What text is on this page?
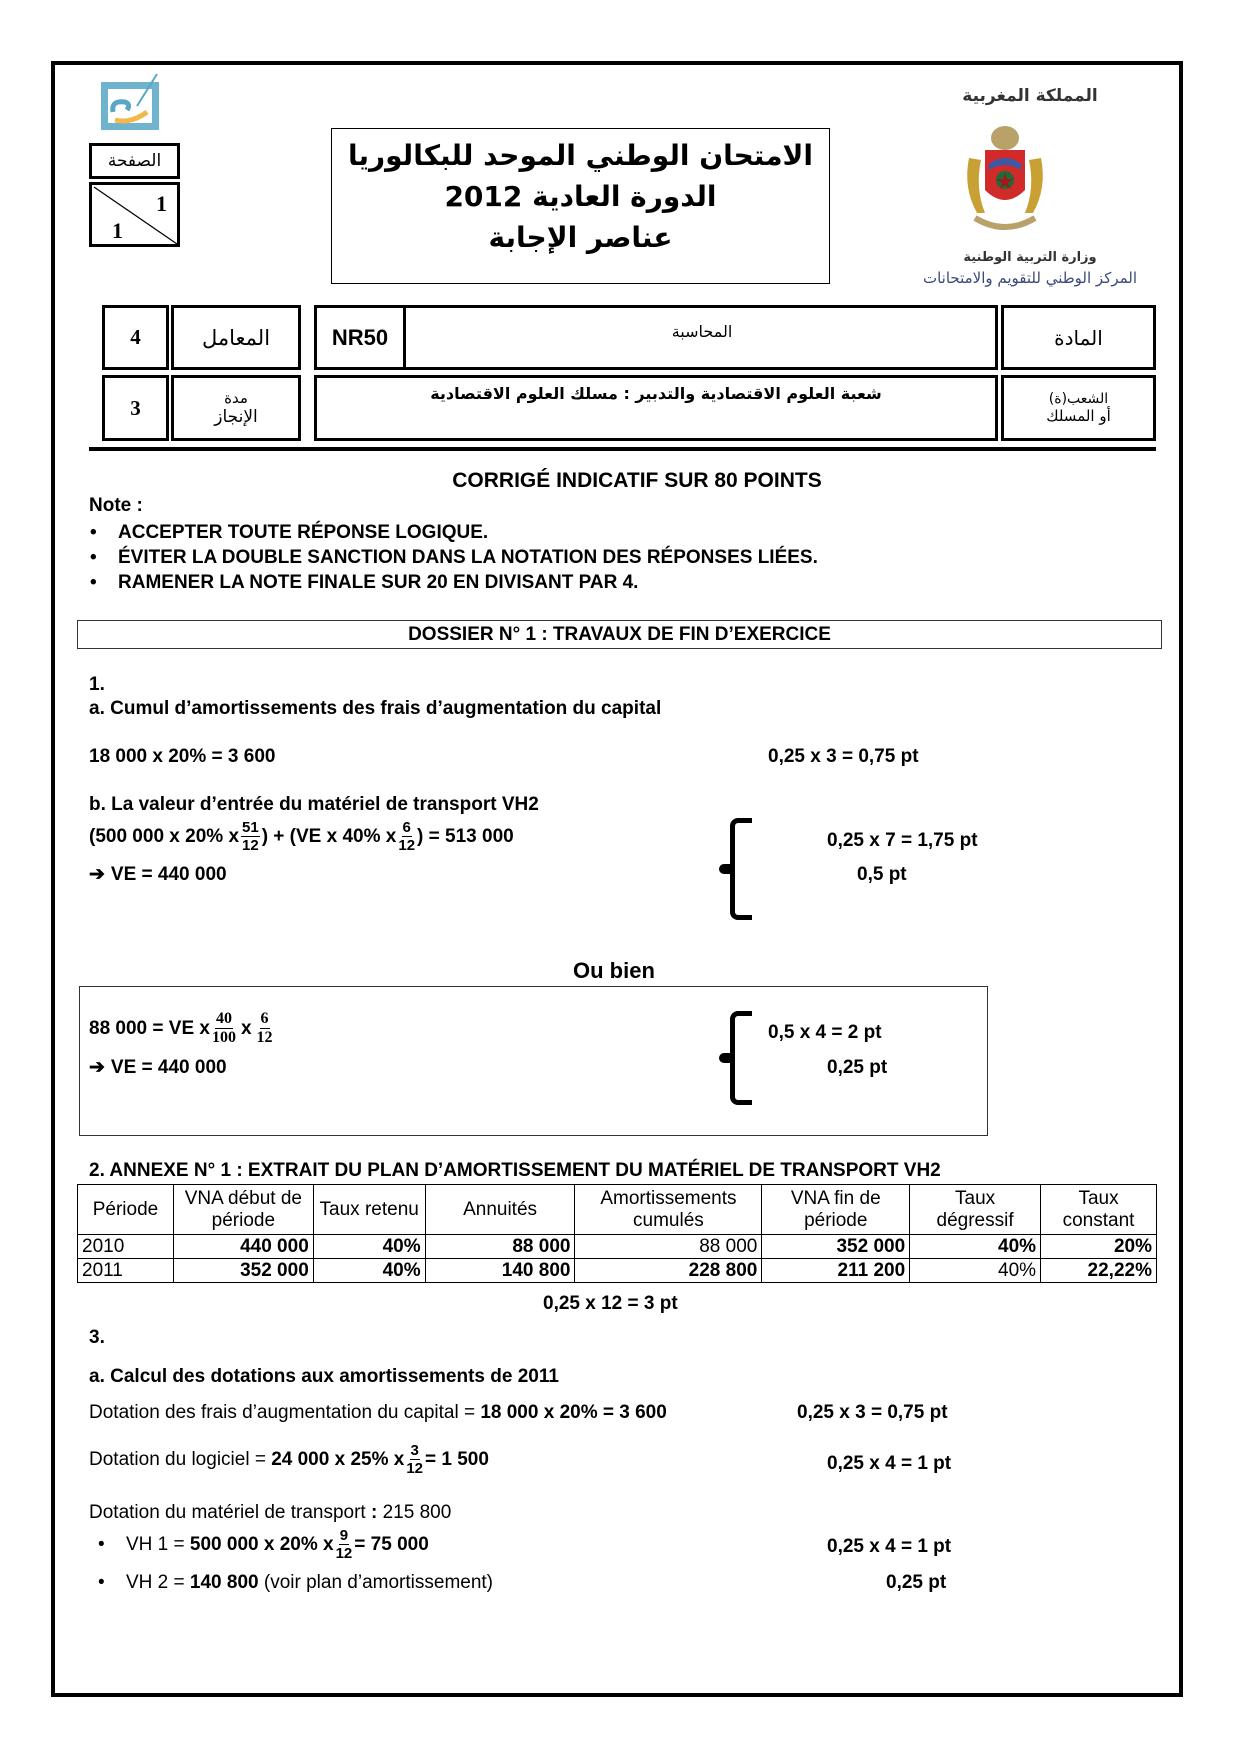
الصفحة
1
1
الامتحان الوطني الموحد للبكالوريا
الدورة العادية 2012
عناصر الإجابة
المملكة المغربية
وزارة التربية الوطنية
المركز الوطني للتقويم والامتحانات
4	المعامل	NR50	المحاسبة	المادة
3	مدة
الإنجاز
شعبة العلوم الاقتصادية والتدبير : مسلك العلوم الاقتصادية	الشعب(ة)
أو المسلك
CORRIGÉ INDICATIF SUR 80 POINTS
Note :
• ACCEPTER TOUTE RÉPONSE LOGIQUE.
• ÉVITER LA DOUBLE SANCTION DANS LA NOTATION DES RÉPONSES LIÉES.
• RAMENER LA NOTE FINALE SUR 20 EN DIVISANT PAR 4.
DOSSIER N° 1 : TRAVAUX DE FIN D’EXERCICE
1.
a. Cumul d’amortissements des frais d’augmentation du capital
18 000 x 20% = 3 600	0,25 x 3 = 0,75 pt
b. La valeur d’entrée du matériel de transport VH2
(500 000 x 20% x $\frac{51}{12}$ ) + (VE x 40% x $\frac{6}{12}$ ) = 513 000
➔ VE = 440 000
0,25 x 7 = 1,75 pt
0,5 pt
Ou bien
88 000 = VE x $\frac{40}{100}$ x $\frac{6}{12}$
➔ VE = 440 000
0,5 x 4 = 2 pt
0,25 pt
2. ANNEXE N° 1 : EXTRAIT DU PLAN D’AMORTISSEMENT DU MATÉRIEL DE TRANSPORT VH2
Période	VNA début de période	Taux retenu	Annuités	Amortissements cumulés	VNA fin de période	Taux dégressif	Taux constant
2010	440 000	40%	88 000	88 000	352 000	40%	20%
2011	352 000	40%	140 800	228 800	211 200	40%	22,22%
0,25 x 12 = 3 pt
3.
a. Calcul des dotations aux amortissements de 2011
Dotation des frais d’augmentation du capital = 18 000 x 20% = 3 600	0,25 x 3 = 0,75 pt
Dotation du logiciel = 24 000 x 25% x $\frac{3}{12} = 1$ 500	0,25 x 4 = 1 pt
Dotation du matériel de transport : 215 800
• VH 1 = 500 000 x 20% x $\frac{9}{12} = 75$ 000	0,25 x 4 = 1 pt
• VH 2 = 140 800 (voir plan d’amortissement)	0,25 pt
